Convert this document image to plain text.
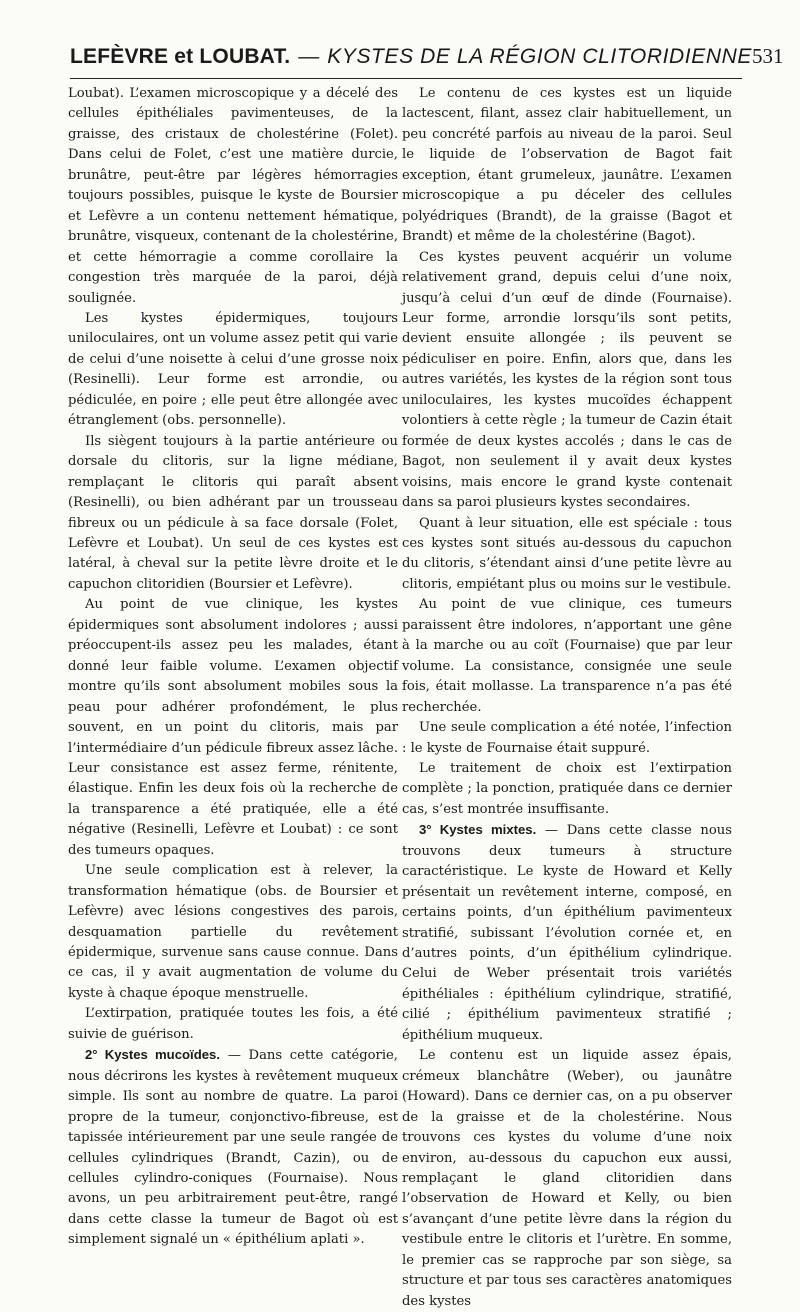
LEFÈVRE et LOUBAT. — KYSTES DE LA RÉGION CLITORIDIENNE 531

Loubat). L’examen microscopique y a décelé des cellules épithéliales pavimenteuses, de la graisse, des cristaux de cholestérine (Folet). Dans celui de Folet, c’est une matière durcie, brunâtre, peut-être par légères hémorragies toujours possibles, puisque le kyste de Boursier et Lefèvre a un contenu nettement hématique, brunâtre, visqueux, contenant de la cholestérine, et cette hémorragie a comme corollaire la congestion très marquée de la paroi, déjà soulignée.

Les kystes épidermiques, toujours uniloculaires, ont un volume assez petit qui varie de celui d’une noisette à celui d’une grosse noix (Resinelli). Leur forme est arrondie, ou pédiculée, en poire ; elle peut être allongée avec étranglement (obs. personnelle).

Ils siègent toujours à la partie antérieure ou dorsale du clitoris, sur la ligne médiane, remplaçant le clitoris qui paraît absent (Resinelli), ou bien adhérant par un trousseau fibreux ou un pédicule à sa face dorsale (Folet, Lefèvre et Loubat). Un seul de ces kystes est latéral, à cheval sur la petite lèvre droite et le capuchon clitoridien (Boursier et Lefèvre).

Au point de vue clinique, les kystes épidermiques sont absolument indolores ; aussi préoccupent-ils assez peu les malades, étant donné leur faible volume. L’examen objectif montre qu’ils sont absolument mobiles sous la peau pour adhérer profondément, le plus souvent, en un point du clitoris, mais par l’intermédiaire d’un pédicule fibreux assez lâche. Leur consistance est assez ferme, rénitente, élastique. Enfin les deux fois où la recherche de la transparence a été pratiquée, elle a été négative (Resinelli, Lefèvre et Loubat) : ce sont des tumeurs opaques.

Une seule complication est à relever, la transformation hématique (obs. de Boursier et Lefèvre) avec lésions congestives des parois, desquamation partielle du revêtement épidermique, survenue sans cause connue. Dans ce cas, il y avait augmentation de volume du kyste à chaque époque menstruelle.

L’extirpation, pratiquée toutes les fois, a été suivie de guérison.

2° Kystes mucoïdes. — Dans cette catégorie, nous décrirons les kystes à revêtement muqueux simple. Ils sont au nombre de quatre. La paroi propre de la tumeur, conjonctivo-fibreuse, est tapissée intérieurement par une seule rangée de cellules cylindriques (Brandt, Cazin), ou de cellules cylindro-coniques (Fournaise). Nous avons, un peu arbitrairement peut-être, rangé dans cette classe la tumeur de Bagot où est simplement signalé un « épithélium aplati ».

Le contenu de ces kystes est un liquide lactescent, filant, assez clair habituellement, un peu concrété parfois au niveau de la paroi. Seul le liquide de l’observation de Bagot fait exception, étant grumeleux, jaunâtre. L’examen microscopique a pu déceler des cellules polyédriques (Brandt), de la graisse (Bagot et Brandt) et même de la cholestérine (Bagot).

Ces kystes peuvent acquérir un volume relativement grand, depuis celui d’une noix, jusqu’à celui d’un œuf de dinde (Fournaise). Leur forme, arrondie lorsqu’ils sont petits, devient ensuite allongée ; ils peuvent se pédiculiser en poire. Enfin, alors que, dans les autres variétés, les kystes de la région sont tous uniloculaires, les kystes mucoïdes échappent volontiers à cette règle ; la tumeur de Cazin était formée de deux kystes accolés ; dans le cas de Bagot, non seulement il y avait deux kystes voisins, mais encore le grand kyste contenait dans sa paroi plusieurs kystes secondaires.

Quant à leur situation, elle est spéciale : tous ces kystes sont situés au-dessous du capuchon du clitoris, s’étendant ainsi d’une petite lèvre au clitoris, empiétant plus ou moins sur le vestibule.

Au point de vue clinique, ces tumeurs paraissent être indolores, n’apportant une gêne à la marche ou au coït (Fournaise) que par leur volume. La consistance, consignée une seule fois, était mollasse. La transparence n’a pas été recherchée.

Une seule complication a été notée, l’infection : le kyste de Fournaise était suppuré.

Le traitement de choix est l’extirpation complète ; la ponction, pratiquée dans ce dernier cas, s’est montrée insuffisante.

3° Kystes mixtes. — Dans cette classe nous trouvons deux tumeurs à structure caractéristique. Le kyste de Howard et Kelly présentait un revêtement interne, composé, en certains points, d’un épithélium pavimenteux stratifié, subissant l’évolution cornée et, en d’autres points, d’un épithélium cylindrique. Celui de Weber présentait trois variétés épithéliales : épithélium cylindrique, stratifié, cilié ; épithélium pavimenteux stratifié ; épithélium muqueux.

Le contenu est un liquide assez épais, crémeux blanchâtre (Weber), ou jaunâtre (Howard). Dans ce dernier cas, on a pu observer de la graisse et de la cholestérine. Nous trouvons ces kystes du volume d’une noix environ, au-dessous du capuchon eux aussi, remplaçant le gland clitoridien dans l’observation de Howard et Kelly, ou bien s’avançant d’une petite lèvre dans la région du vestibule entre le clitoris et l’urètre. En somme, le premier cas se rapproche par son siège, sa structure et par tous ses caractères anatomiques des kystes
